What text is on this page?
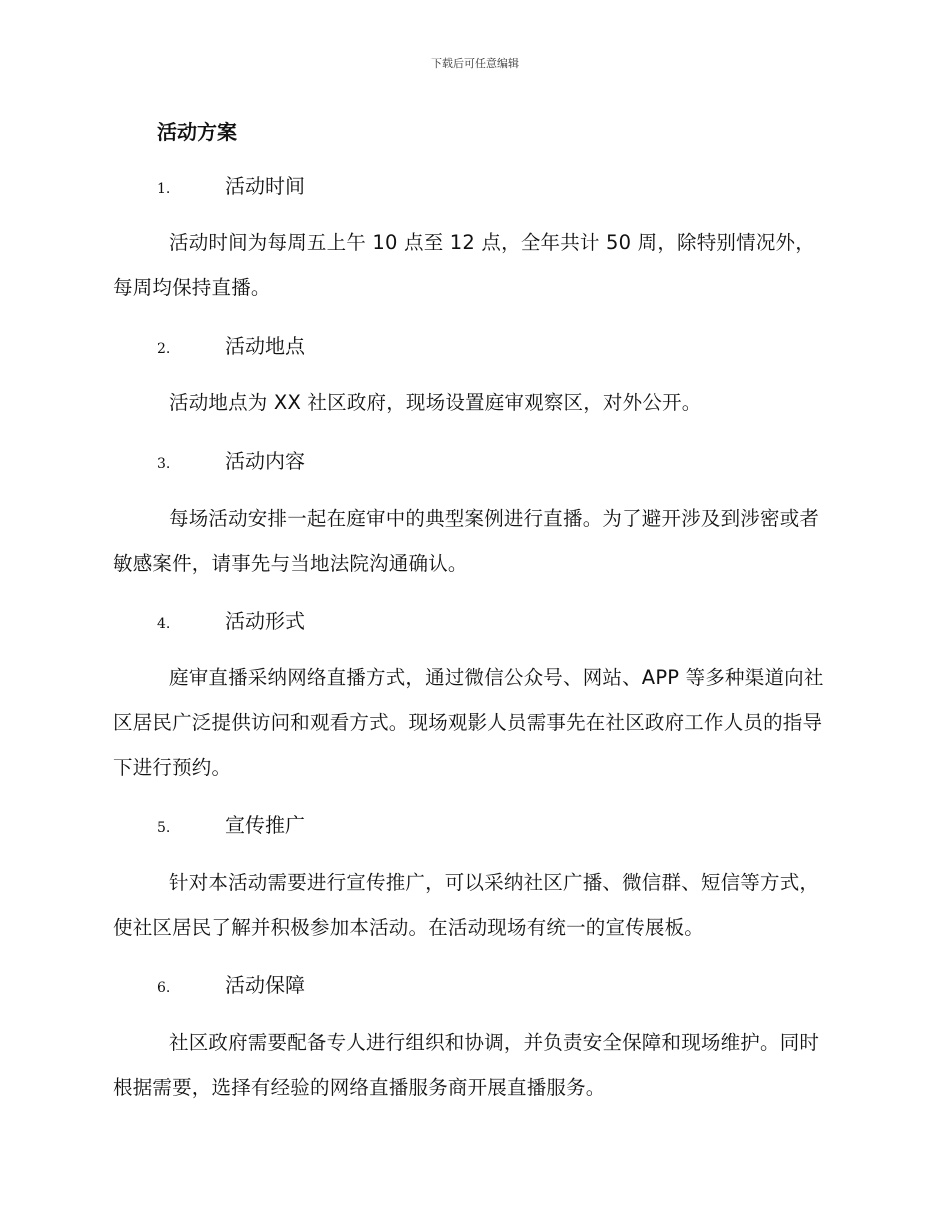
下载后可任意编辑
活动方案
1.	活动时间

活动时间为每周五上午 10 点至 12 点，全年共计 50 周，除特别情况外，每周均保持直播。

2.	活动地点

活动地点为 XX 社区政府，现场设置庭审观察区，对外公开。

3.	活动内容

每场活动安排一起在庭审中的典型案例进行直播。为了避开涉及到涉密或者敏感案件，请事先与当地法院沟通确认。

4.	活动形式

庭审直播采纳网络直播方式，通过微信公众号、网站、APP 等多种渠道向社区居民广泛提供访问和观看方式。现场观影人员需事先在社区政府工作人员的指导下进行预约。

5.	宣传推广

针对本活动需要进行宣传推广，可以采纳社区广播、微信群、短信等方式，使社区居民了解并积极参加本活动。在活动现场有统一的宣传展板。

6.	活动保障

社区政府需要配备专人进行组织和协调，并负责安全保障和现场维护。同时根据需要，选择有经验的网络直播服务商开展直播服务。
